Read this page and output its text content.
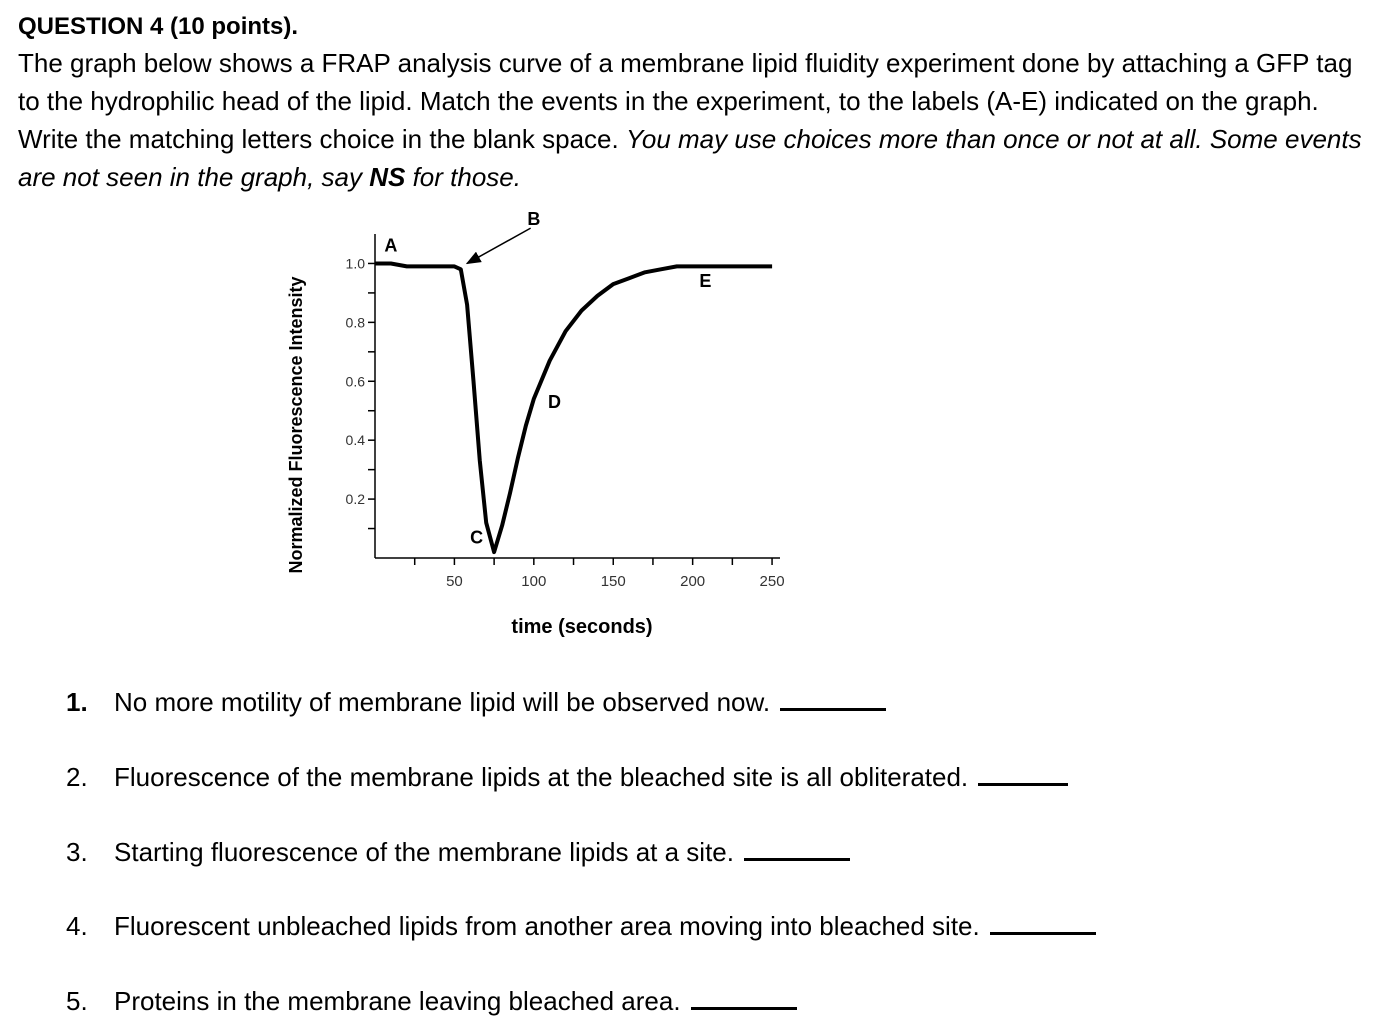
QUESTION 4 (10 points).

The graph below shows a FRAP analysis curve of a membrane lipid fluidity experiment done by attaching a GFP tag to the hydrophilic head of the lipid. Match the events in the experiment, to the labels (A-E) indicated on the graph. Write the matching letters choice in the blank space. You may use choices more than once or not at all. Some events are not seen in the graph, say NS for those.

0.2
0.4
0.6
0.8
1.0
50	100	150	200	250
A
B
C
D
E
time (seconds)
Normalized Fluorescence Intensity
1. No more motility of membrane lipid will be observed now.
2. Fluorescence of the membrane lipids at the bleached site is all obliterated.
3. Starting fluorescence of the membrane lipids at a site.
4. Fluorescent unbleached lipids from another area moving into bleached site.
5. Proteins in the membrane leaving bleached area.
